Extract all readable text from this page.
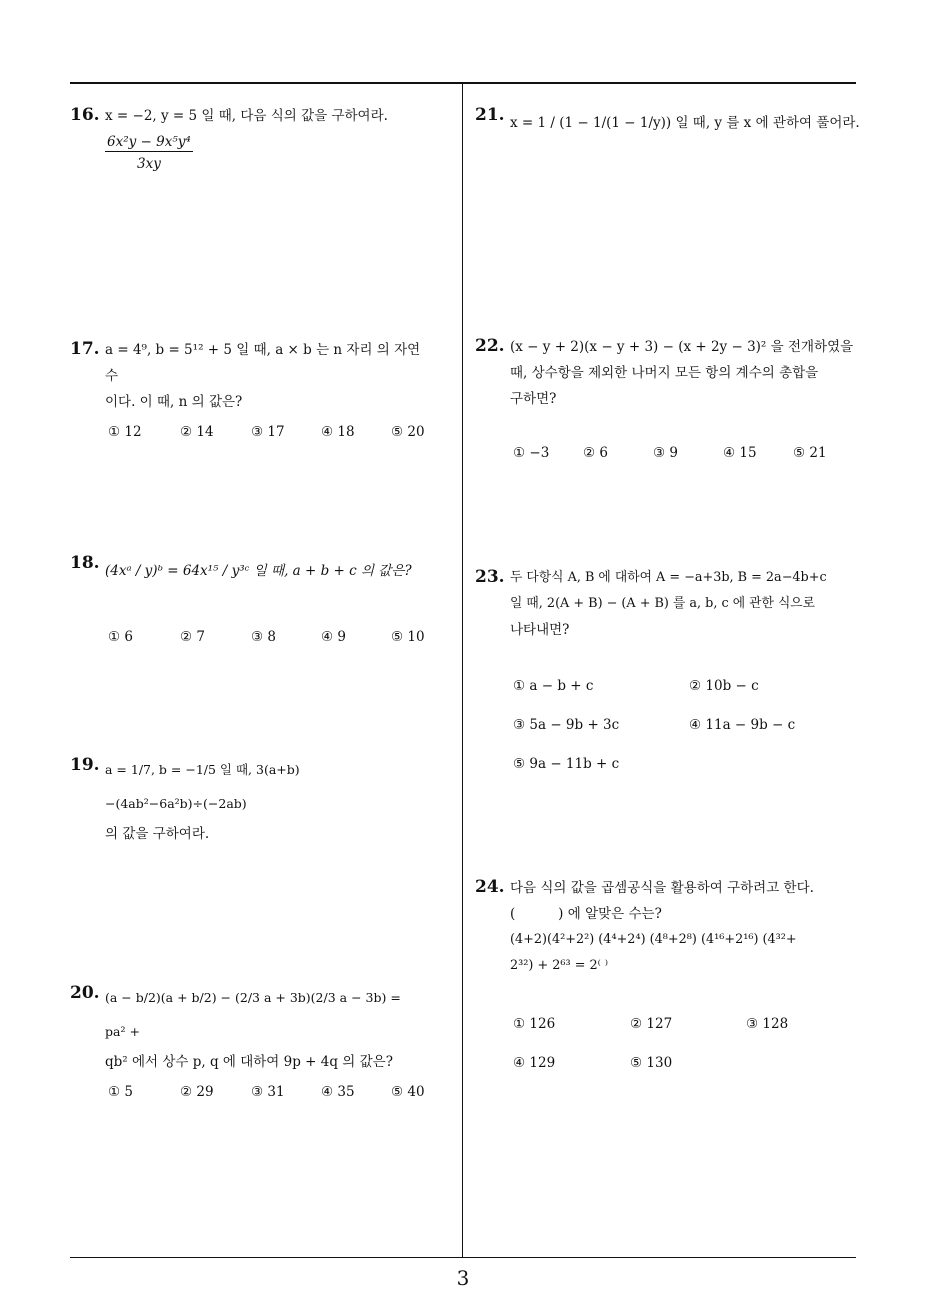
16. x = −2, y = 5 일 때, 다음 식의 값을 구하여라.
6x²y − 9x⁵y⁴
3xy
17. a = 4⁹, b = 5¹² + 5 일 때, a × b 는 n 자리 의 자연수
이다. 이 때, n 의 값은?
① 12	② 14	③ 17	④ 18	⑤ 20
18. (4xᵃ / y)ᵇ = 64x¹⁵ / y³ᶜ 일 때, a + b + c 의 값은?
① 6	② 7	③ 8	④ 9	⑤ 10
19. a = 1/7, b = −1/5 일 때, 3(a+b)−(4ab²−6a²b)÷(−2ab)
의 값을 구하여라.
20. (a − b/2)(a + b/2) − (2/3 a + 3b)(2/3 a − 3b) = pa² +
qb² 에서 상수 p, q 에 대하여 9p + 4q 의 값은?
① 5	② 29	③ 31	④ 35	⑤ 40
21. x = 1 / (1 − 1/(1 − 1/y)) 일 때, y 를 x 에 관하여 풀어라.
22. (x − y + 2)(x − y + 3) − (x + 2y − 3)² 을 전개하였을
때, 상수항을 제외한 나머지 모든 항의 계수의 총합을
구하면?
① −3 ② 6	③ 9	④ 15	⑤ 21
23. 두 다항식 A, B 에 대하여 A = −a+3b, B = 2a−4b+c
일 때, 2(A + B) − (A + B) 를 a, b, c 에 관한 식으로
나타내면?
① a − b + c	② 10b − c
③ 5a − 9b + 3c	④ 11a − 9b − c
⑤ 9a − 11b + c
24. 다음 식의 값을 곱셈공식을 활용하여 구하려고 한다.
(          ) 에 알맞은 수는?
(4+2)(4²+2²) (4⁴+2⁴) (4⁸+2⁸) (4¹⁶+2¹⁶) (4³²+
2³²) + 2⁶³ = 2⁽ ⁾
① 126	② 127	③ 128
④ 129	⑤ 130
3
